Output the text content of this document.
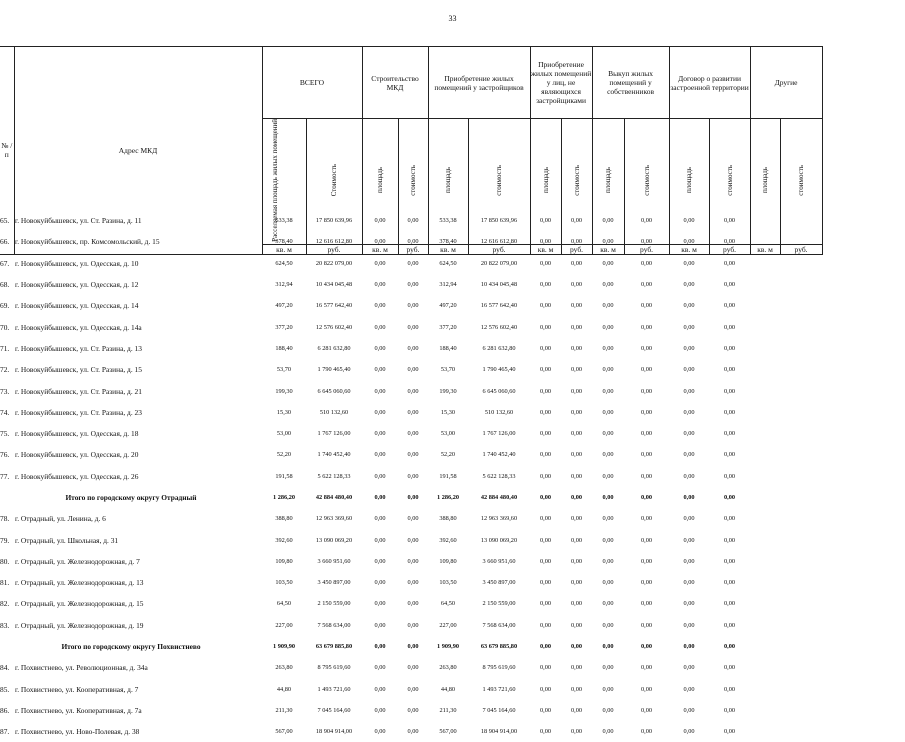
33
№ /п	Адрес МКД	ВСЕГО		Строительство МКД		Приобретение жилых помещений у застройщиков		Приобретение жилых помещений у лиц, не являющихся застройщиками		Выкуп жилых помещений у собственников		Договор о развитии застроенной территории		Другие	
		Расселяемая площадь жилых помещений	Стоимость	площадь	стоимость	площадь	стоимость	площадь	стоимость	площадь	стоимость	площадь	стоимость	площадь	стоимость
		кв. м	руб.	кв. м	руб.	кв. м	руб.	кв. м	руб.	кв. м	руб.	кв. м	руб.	кв. м	руб.
65.	г. Новокуйбышевск, ул. Ст. Разина, д. 11	533,38	17 850 639,96	0,00	0,00	533,38	17 850 639,96	0,00	0,00	0,00	0,00	0,00	0,00
66.	г. Новокуйбышевск, пр. Комсомольский, д. 15	378,40	12 616 612,80	0,00	0,00	378,40	12 616 612,80	0,00	0,00	0,00	0,00	0,00	0,00
67.	г. Новокуйбышевск, ул. Одесская, д. 10	624,50	20 822 079,00	0,00	0,00	624,50	20 822 079,00	0,00	0,00	0,00	0,00	0,00	0,00
68.	г. Новокуйбышевск, ул. Одесская, д. 12	312,94	10 434 045,48	0,00	0,00	312,94	10 434 045,48	0,00	0,00	0,00	0,00	0,00	0,00
69.	г. Новокуйбышевск, ул. Одесская, д. 14	497,20	16 577 642,40	0,00	0,00	497,20	16 577 642,40	0,00	0,00	0,00	0,00	0,00	0,00
70.	г. Новокуйбышевск, ул. Одесская, д. 14а	377,20	12 576 602,40	0,00	0,00	377,20	12 576 602,40	0,00	0,00	0,00	0,00	0,00	0,00
71.	г. Новокуйбышевск, ул. Ст. Разина, д. 13	188,40	6 281 632,80	0,00	0,00	188,40	6 281 632,80	0,00	0,00	0,00	0,00	0,00	0,00
72.	г. Новокуйбышевск, ул. Ст. Разина, д. 15	53,70	1 790 465,40	0,00	0,00	53,70	1 790 465,40	0,00	0,00	0,00	0,00	0,00	0,00
73.	г. Новокуйбышевск, ул. Ст. Разина, д. 21	199,30	6 645 060,60	0,00	0,00	199,30	6 645 060,60	0,00	0,00	0,00	0,00	0,00	0,00
74.	г. Новокуйбышевск, ул. Ст. Разина, д. 23	15,30	510 132,60	0,00	0,00	15,30	510 132,60	0,00	0,00	0,00	0,00	0,00	0,00
75.	г. Новокуйбышевск, ул. Одесская, д. 18	53,00	1 767 126,00	0,00	0,00	53,00	1 767 126,00	0,00	0,00	0,00	0,00	0,00	0,00
76.	г. Новокуйбышевск, ул. Одесская, д. 20	52,20	1 740 452,40	0,00	0,00	52,20	1 740 452,40	0,00	0,00	0,00	0,00	0,00	0,00
77.	г. Новокуйбышевск, ул. Одесская, д. 26	191,58	5 622 128,33	0,00	0,00	191,58	5 622 128,33	0,00	0,00	0,00	0,00	0,00	0,00
Итого по городскому округу Отрадный		1 286,20	42 884 480,40	0,00	0,00	1 286,20	42 884 480,40	0,00	0,00	0,00	0,00	0,00	0,00
78.	г. Отрадный, ул. Ленина, д. 6	388,80	12 963 369,60	0,00	0,00	388,80	12 963 369,60	0,00	0,00	0,00	0,00	0,00	0,00
79.	г. Отрадный, ул. Школьная, д. 31	392,60	13 090 069,20	0,00	0,00	392,60	13 090 069,20	0,00	0,00	0,00	0,00	0,00	0,00
80.	г. Отрадный, ул. Железнодорожная, д. 7	109,80	3 660 951,60	0,00	0,00	109,80	3 660 951,60	0,00	0,00	0,00	0,00	0,00	0,00
81.	г. Отрадный, ул. Железнодорожная, д. 13	103,50	3 450 897,00	0,00	0,00	103,50	3 450 897,00	0,00	0,00	0,00	0,00	0,00	0,00
82.	г. Отрадный, ул. Железнодорожная, д. 15	64,50	2 150 559,00	0,00	0,00	64,50	2 150 559,00	0,00	0,00	0,00	0,00	0,00	0,00
83.	г. Отрадный, ул. Железнодорожная, д. 19	227,00	7 568 634,00	0,00	0,00	227,00	7 568 634,00	0,00	0,00	0,00	0,00	0,00	0,00
Итого по городскому округу Похвистнево		1 909,90	63 679 885,80	0,00	0,00	1 909,90	63 679 885,80	0,00	0,00	0,00	0,00	0,00	0,00
84.	г. Похвистнево, ул. Революционная, д. 34а	263,80	8 795 619,60	0,00	0,00	263,80	8 795 619,60	0,00	0,00	0,00	0,00	0,00	0,00
85.	г. Похвистнево, ул. Кооперативная, д. 7	44,80	1 493 721,60	0,00	0,00	44,80	1 493 721,60	0,00	0,00	0,00	0,00	0,00	0,00
86.	г. Похвистнево, ул. Кооперативная, д. 7а	211,30	7 045 164,60	0,00	0,00	211,30	7 045 164,60	0,00	0,00	0,00	0,00	0,00	0,00
87.	г. Похвистнево, ул. Ново-Полевая, д. 38	567,00	18 904 914,00	0,00	0,00	567,00	18 904 914,00	0,00	0,00	0,00	0,00	0,00	0,00
